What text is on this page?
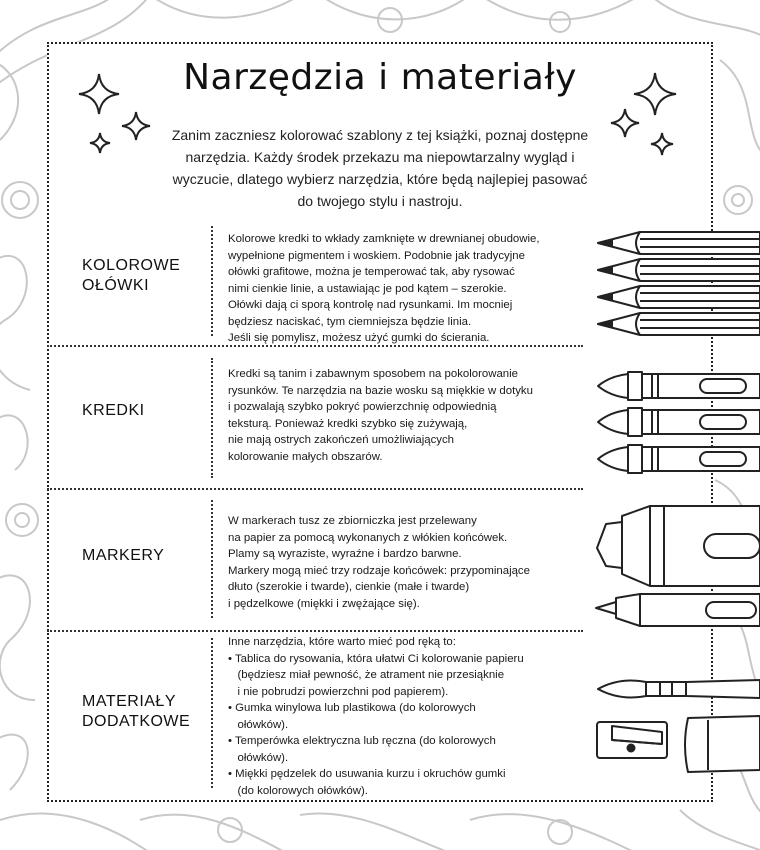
Narzędzia i materiały
Zanim zaczniesz kolorować szablony z tej książki, poznaj dostępne narzędzia. Każdy środek przekazu ma niepowtarzalny wygląd i wyczucie, dlatego wybierz narzędzia, które będą najlepiej pasować do twojego stylu i nastroju.
KOLOROWE
OŁÓWKI
Kolorowe kredki to wkłady zamknięte w drewnianej obudowie,
wypełnione pigmentem i woskiem. Podobnie jak tradycyjne
ołówki grafitowe, można je temperować tak, aby rysować
nimi cienkie linie, a ustawiając je pod kątem – szerokie.
Ołówki dają ci sporą kontrolę nad rysunkami. Im mocniej
będziesz naciskać, tym ciemniejsza będzie linia.
Jeśli się pomylisz, możesz użyć gumki do ścierania.
KREDKI
Kredki są tanim i zabawnym sposobem na pokolorowanie
rysunków. Te narzędzia na bazie wosku są miękkie w dotyku
i pozwalają szybko pokryć powierzchnię odpowiednią
teksturą. Ponieważ kredki szybko się zużywają,
nie mają ostrych zakończeń umożliwiających
kolorowanie małych obszarów.
MARKERY
W markerach tusz ze zbiorniczka jest przelewany
na papier za pomocą wykonanych z włókien końcówek.
Plamy są wyraziste, wyraźne i bardzo barwne.
Markery mogą mieć trzy rodzaje końcówek: przypominające
dłuto (szerokie i twarde), cienkie (małe i twarde)
i pędzelkowe (miękki i zwężające się).
MATERIAŁY
DODATKOWE
Inne narzędzia, które warto mieć pod ręką to:
• Tablica do rysowania, która ułatwi Ci kolorowanie papieru
(będziesz miał pewność, że atrament nie przesiąknie
i nie pobrudzi powierzchni pod papierem).
• Gumka winylowa lub plastikowa (do kolorowych
ołówków).
• Temperówka elektryczna lub ręczna (do kolorowych
ołówków).
• Miękki pędzelek do usuwania kurzu i okruchów gumki
(do kolorowych ołówków).
